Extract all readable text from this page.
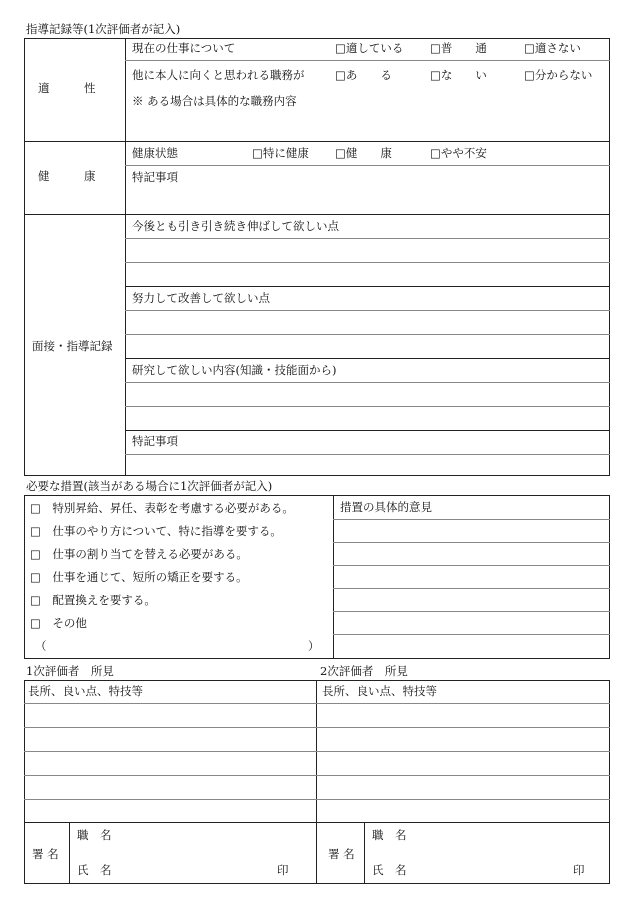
指導記録等(1次評価者が記入)
適　　　性
現在の仕事について	□適している □普　　通	□適さない
他に本人に向くと思われる職務が	□あ　　る	□な　　い	□分からない
※ ある場合は具体的な職務内容
健　　　康
健康状態	□特に健康 □健　　康	□やや不安
特記事項
面接・指導記録
今後とも引き引き続き伸ばして欲しい点
努力して改善して欲しい点
研究して欲しい内容(知識・技能面から)
特記事項
必要な措置(該当がある場合に1次評価者が記入)
□　特別昇給、昇任、表彰を考慮する必要がある。
□　仕事のやり方について、特に指導を要する。
□　仕事の割り当てを替える必要がある。
□　仕事を通じて、短所の矯正を要する。
□　配置換えを要する。
□　その他
（	）
措置の具体的意見
1次評価者　所見	2次評価者　所見
長所、良い点、特技等	長所、良い点、特技等
署 名
職　名
氏　名	印
署 名
職　名
氏　名	印
